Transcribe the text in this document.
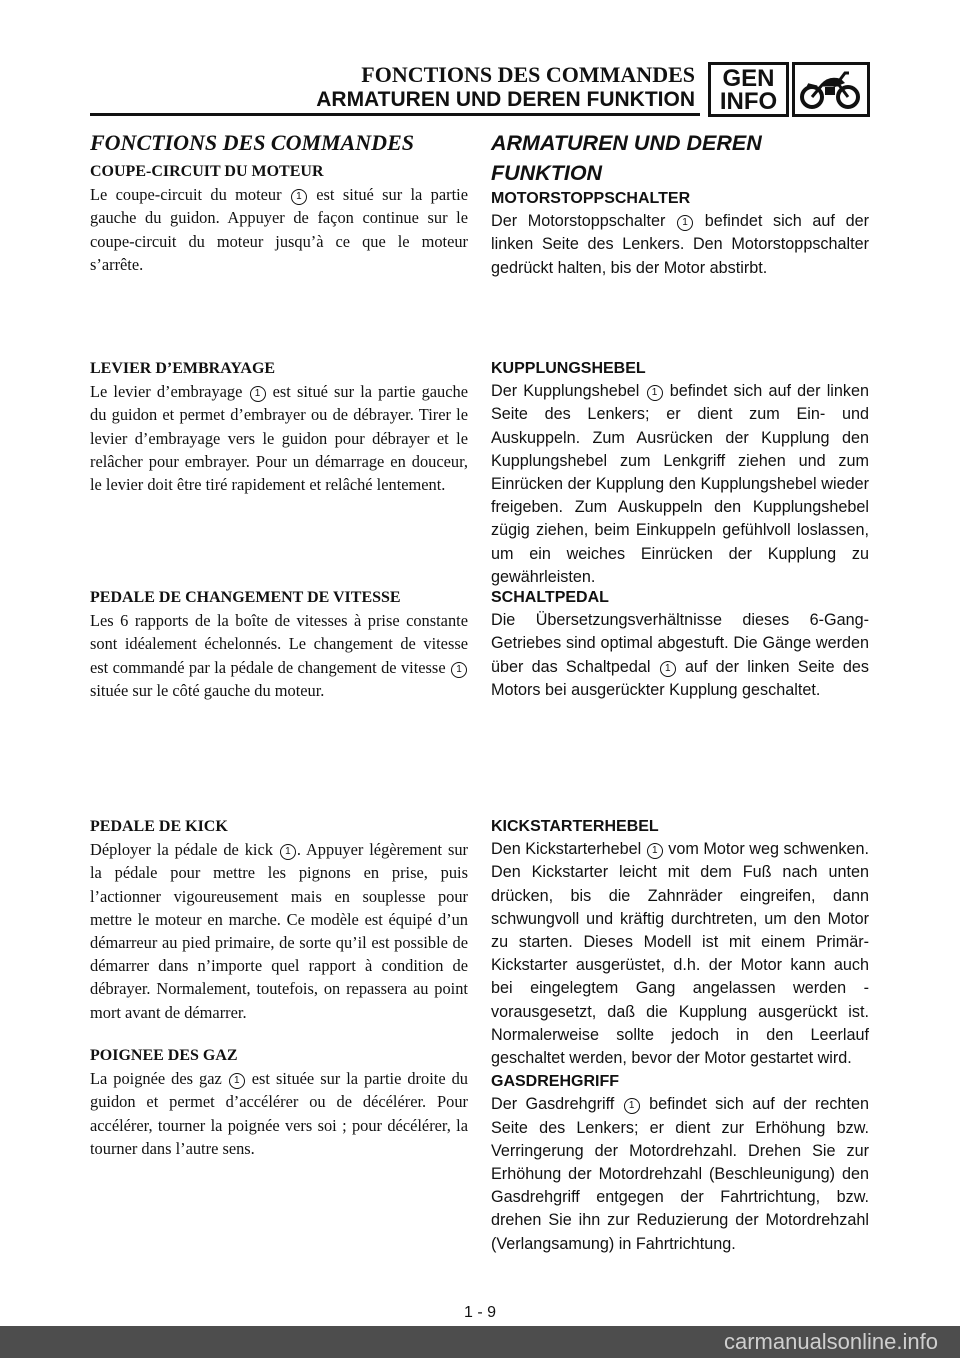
FONCTIONS DES COMMANDES
ARMATUREN UND DEREN FUNKTION
GEN
INFO
FONCTIONS DES COMMANDES	ARMATUREN UND DEREN FUNKTION

COUPE-CIRCUIT DU MOTEUR

Le coupe-circuit du moteur 1 est situé sur la partie gauche du guidon. Appuyer de façon continue sur le coupe-circuit du moteur jusqu’à ce que le moteur s’arrête.

MOTORSTOPPSCHALTER

Der Motorstoppschalter 1 befindet sich auf der linken Seite des Lenkers. Den Motorstoppschalter gedrückt halten, bis der Motor abstirbt.

LEVIER D’EMBRAYAGE

Le levier d’embrayage 1 est situé sur la partie gauche du guidon et permet d’embrayer ou de débrayer. Tirer le levier d’embrayage vers le guidon pour débrayer et le relâcher pour embrayer. Pour un démarrage en douceur, le levier doit être tiré rapidement et relâché lentement.

KUPPLUNGSHEBEL

Der Kupplungshebel 1 befindet sich auf der linken Seite des Lenkers; er dient zum Ein- und Auskuppeln. Zum Ausrücken der Kupplung den Kupplungshebel zum Lenkgriff ziehen und zum Einrücken der Kupplung den Kupplungshebel wieder freigeben. Zum Auskuppeln den Kupplungshebel zügig ziehen, beim Einkuppeln gefühlvoll loslassen, um ein weiches Einrücken der Kupplung zu gewährleisten.

PEDALE DE CHANGEMENT DE VITESSE

Les 6 rapports de la boîte de vitesses à prise constante sont idéalement échelonnés. Le changement de vitesse est commandé par la pédale de changement de vitesse 1 située sur le côté gauche du moteur.

SCHALTPEDAL

Die Übersetzungsverhältnisse dieses 6-Gang-Getriebes sind optimal abgestuft. Die Gänge werden über das Schaltpedal 1 auf der linken Seite des Motors bei ausgerückter Kupplung geschaltet.

PEDALE DE KICK

Déployer la pédale de kick 1 . Appuyer légèrement sur la pédale pour mettre les pignons en prise, puis l’actionner vigoureusement mais en souplesse pour mettre le moteur en marche. Ce modèle est équipé d’un démarreur au pied primaire, de sorte qu’il est possible de démarrer dans n’importe quel rapport à condition de débrayer. Normalement, toutefois, on repassera au point mort avant de démarrer.

KICKSTARTERHEBEL

Den Kickstarterhebel 1 vom Motor weg schwenken. Den Kickstarter leicht mit dem Fuß nach unten drücken, bis die Zahnräder eingreifen, dann schwungvoll und kräftig durchtreten, um den Motor zu starten. Dieses Modell ist mit einem Primär-Kickstarter ausgerüstet, d.h. der Motor kann auch bei eingelegtem Gang angelassen werden - vorausgesetzt, daß die Kupplung ausgerückt ist. Normalerweise sollte jedoch in den Leerlauf geschaltet werden, bevor der Motor gestartet wird.

GASDREHGRIFF

Der Gasdrehgriff 1 befindet sich auf der rechten Seite des Lenkers; er dient zur Erhöhung bzw. Verringerung der Motordrehzahl. Drehen Sie zur Erhöhung der Motordrehzahl (Beschleunigung) den Gasdrehgriff entgegen der Fahrtrichtung, bzw. drehen Sie ihn zur Reduzierung der Motordrehzahl (Verlangsamung) in Fahrtrichtung.

POIGNEE DES GAZ

La poignée des gaz 1 est située sur la partie droite du guidon et permet d’accélérer ou de décélérer. Pour accélérer, tourner la poignée vers soi ; pour décélérer, la tourner dans l’autre sens.

1 - 9
carmanualsonline.info
